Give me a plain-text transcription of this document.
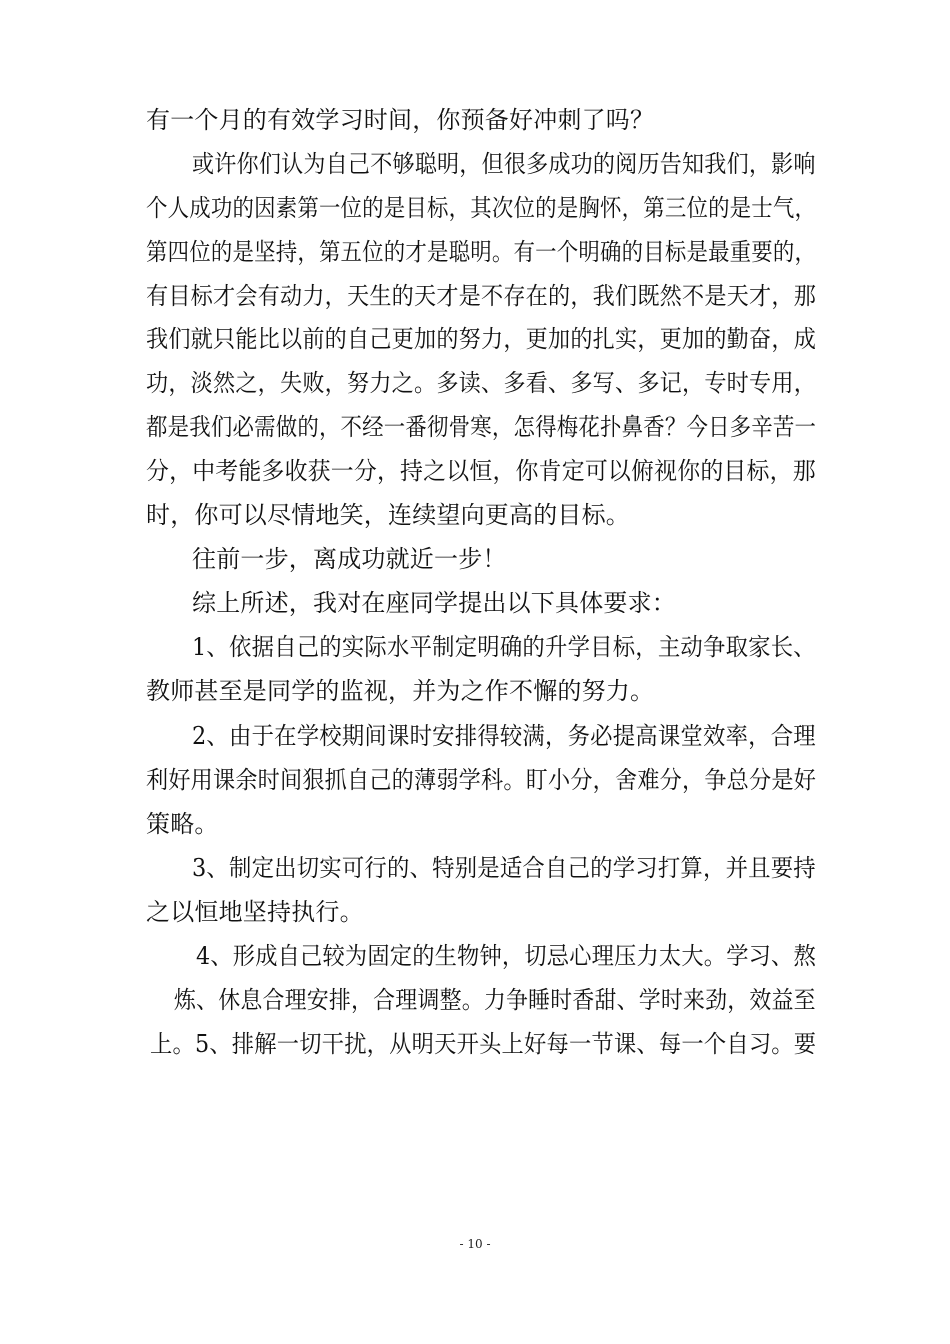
有一个月的有效学习时间，你预备好冲刺了吗？
或许你们认为自己不够聪明，但很多成功的阅历告知我们，影响
个人成功的因素第一位的是目标，其次位的是胸怀，第三位的是士气，
第四位的是坚持，第五位的才是聪明。有一个明确的目标是最重要的，
有目标才会有动力，天生的天才是不存在的，我们既然不是天才，那
我们就只能比以前的自己更加的努力，更加的扎实，更加的勤奋，成
功，淡然之，失败，努力之。多读、多看、多写、多记，专时专用，
都是我们必需做的，不经一番彻骨寒，怎得梅花扑鼻香？今日多辛苦一
分，中考能多收获一分，持之以恒，你肯定可以俯视你的目标，那
时，你可以尽情地笑，连续望向更高的目标。
往前一步，离成功就近一步！
综上所述，我对在座同学提出以下具体要求：
1、依据自己的实际水平制定明确的升学目标，主动争取家长、
教师甚至是同学的监视，并为之作不懈的努力。
2、由于在学校期间课时安排得较满，务必提高课堂效率，合理
利好用课余时间狠抓自己的薄弱学科。盯小分，舍难分，争总分是好
策略。
3、制定出切实可行的、特别是适合自己的学习打算，并且要持
之以恒地坚持执行。
4、形成自己较为固定的生物钟，切忌心理压力太大。学习、熬
炼、休息合理安排，合理调整。力争睡时香甜、学时来劲，效益至
上。5、排解一切干扰，从明天开头上好每一节课、每一个自习。要
- 10 -
